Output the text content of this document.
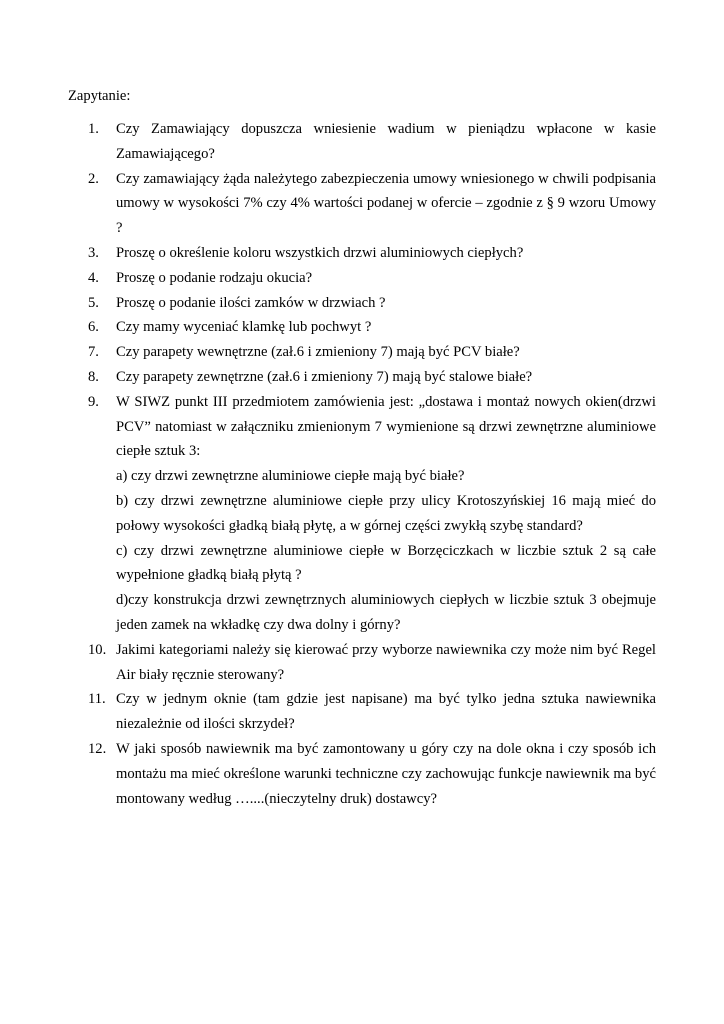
Zapytanie:
1.	Czy Zamawiający dopuszcza wniesienie wadium w pieniądzu wpłacone w kasie Zamawiającego?
2.	Czy zamawiający żąda należytego zabezpieczenia umowy wniesionego w chwili podpisania umowy w wysokości 7% czy 4% wartości podanej w ofercie – zgodnie z § 9 wzoru Umowy ?
3.	Proszę o określenie koloru wszystkich drzwi aluminiowych ciepłych?
4.	Proszę o podanie rodzaju okucia?
5.	Proszę o podanie ilości zamków w drzwiach ?
6.	Czy mamy wyceniać klamkę lub pochwyt ?
7.	Czy parapety wewnętrzne (zał.6 i zmieniony 7) mają być PCV białe?
8.	Czy parapety zewnętrzne (zał.6 i zmieniony 7) mają być stalowe białe?
9.	W SIWZ punkt III przedmiotem zamówienia jest: „dostawa i montaż nowych okien(drzwi PCV” natomiast w załączniku zmienionym 7 wymienione są drzwi zewnętrzne aluminiowe ciepłe sztuk 3:
a) czy drzwi zewnętrzne aluminiowe ciepłe mają być białe?
b) czy drzwi zewnętrzne aluminiowe ciepłe przy ulicy Krotoszyńskiej 16 mają mieć do połowy wysokości gładką białą płytę, a w górnej części zwykłą szybę standard?
c) czy drzwi zewnętrzne aluminiowe ciepłe w Borzęciczkach w liczbie sztuk 2 są całe wypełnione gładką białą płytą ?
d)czy konstrukcja drzwi zewnętrznych aluminiowych ciepłych w liczbie sztuk 3 obejmuje jeden zamek na wkładkę czy dwa dolny i górny?
10. Jakimi kategoriami należy się kierować przy wyborze nawiewnika czy może nim być Regel Air biały ręcznie sterowany?
11. Czy w jednym oknie (tam gdzie jest napisane) ma być tylko jedna sztuka nawiewnika niezależnie od ilości skrzydeł?
12. W jaki sposób nawiewnik ma być zamontowany u góry czy na dole okna i czy sposób ich montażu ma mieć określone warunki techniczne czy zachowując funkcje nawiewnik ma być montowany według …....(nieczytelny druk) dostawcy?
